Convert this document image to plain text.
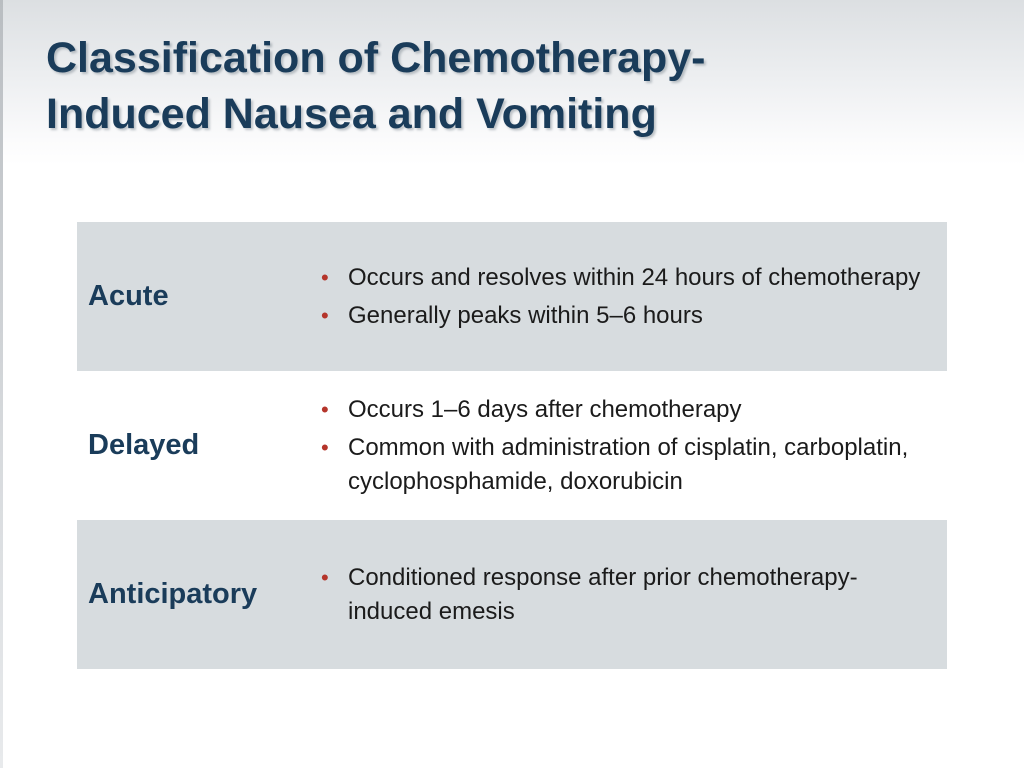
Classification of Chemotherapy-
Induced Nausea and Vomiting
Acute
• Occurs and resolves within 24 hours of chemotherapy
• Generally peaks within 5–6 hours
Delayed
• Occurs 1–6 days after chemotherapy
• Common with administration of cisplatin, carboplatin, cyclophosphamide, doxorubicin
Anticipatory
• Conditioned response after prior chemotherapy-induced emesis
